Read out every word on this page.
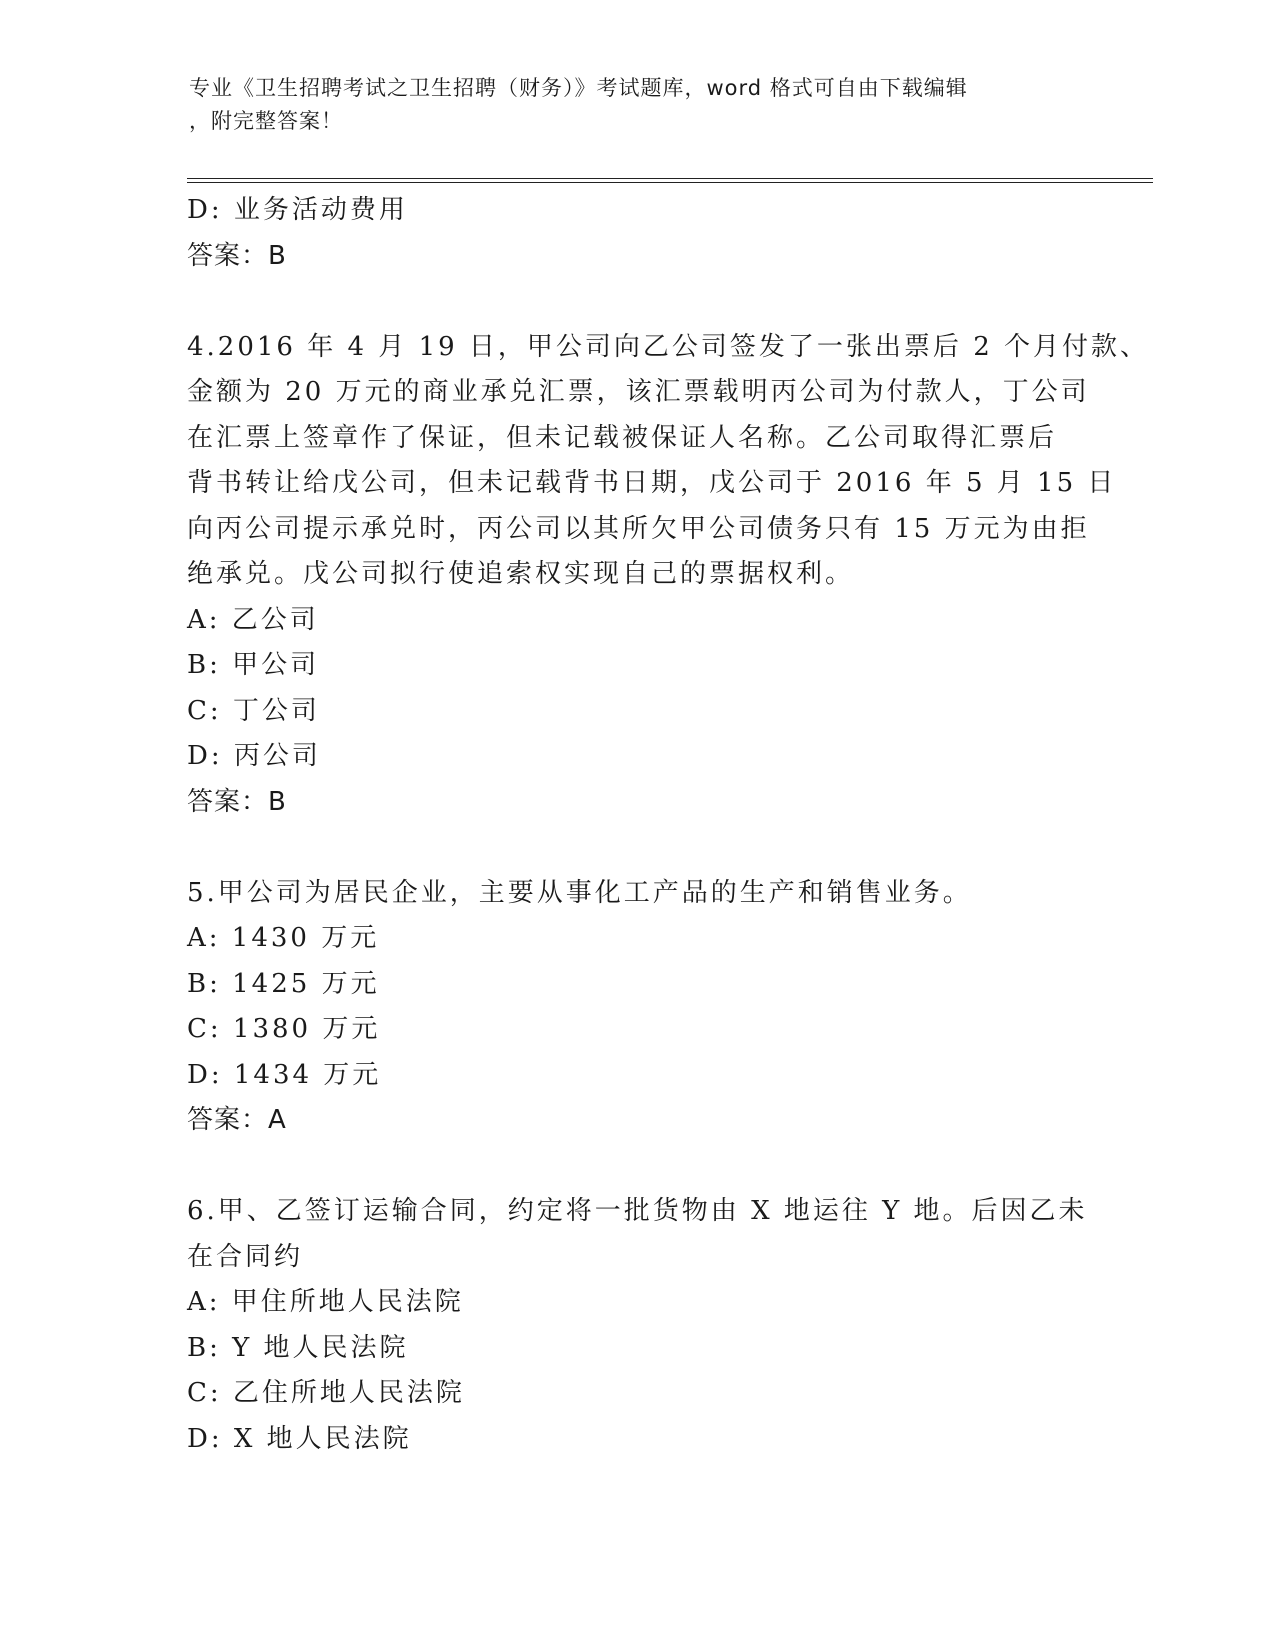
专业《卫生招聘考试之卫生招聘（财务）》考试题库，word 格式可自由下载编辑
，附完整答案！
D: 业务活动费用
答案：B
4.2016 年 4 月 19 日，甲公司向乙公司签发了一张出票后 2 个月付款、
金额为 20 万元的商业承兑汇票，该汇票载明丙公司为付款人，丁公司
在汇票上签章作了保证，但未记载被保证人名称。乙公司取得汇票后
背书转让给戊公司，但未记载背书日期，戊公司于 2016 年 5 月 15 日
向丙公司提示承兑时，丙公司以其所欠甲公司债务只有 15 万元为由拒
绝承兑。戊公司拟行使追索权实现自己的票据权利。
A: 乙公司
B: 甲公司
C: 丁公司
D: 丙公司
答案：B
5.甲公司为居民企业，主要从事化工产品的生产和销售业务。
A: 1430 万元
B: 1425 万元
C: 1380 万元
D: 1434 万元
答案：A
6.甲、乙签订运输合同，约定将一批货物由 X 地运往 Y 地。后因乙未
在合同约
A: 甲住所地人民法院
B: Y 地人民法院
C: 乙住所地人民法院
D: X 地人民法院
